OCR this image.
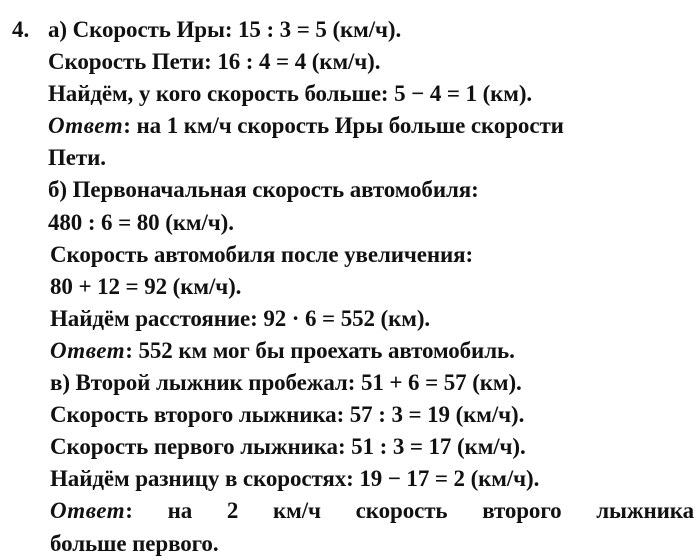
4. а) Скорость Иры: 15 : 3 = 5 (км/ч).
Скорость Пети: 16 : 4 = 4 (км/ч).
Найдём, у кого скорость больше: 5 − 4 = 1 (км).
Ответ: на 1 км/ч скорость Иры больше скорости
Пети.
б) Первоначальная скорость автомобиля:
480 : 6 = 80 (км/ч).
Скорость автомобиля после увеличения:
80 + 12 = 92 (км/ч).
Найдём расстояние: 92 · 6 = 552 (км).
Ответ: 552 км мог бы проехать автомобиль.
в) Второй лыжник пробежал: 51 + 6 = 57 (км).
Скорость второго лыжника: 57 : 3 = 19 (км/ч).
Скорость первого лыжника: 51 : 3 = 17 (км/ч).
Найдём разницу в скоростях: 19 − 17 = 2 (км/ч).
Ответ: на 2 км/ч скорость второго лыжника
больше первого.
